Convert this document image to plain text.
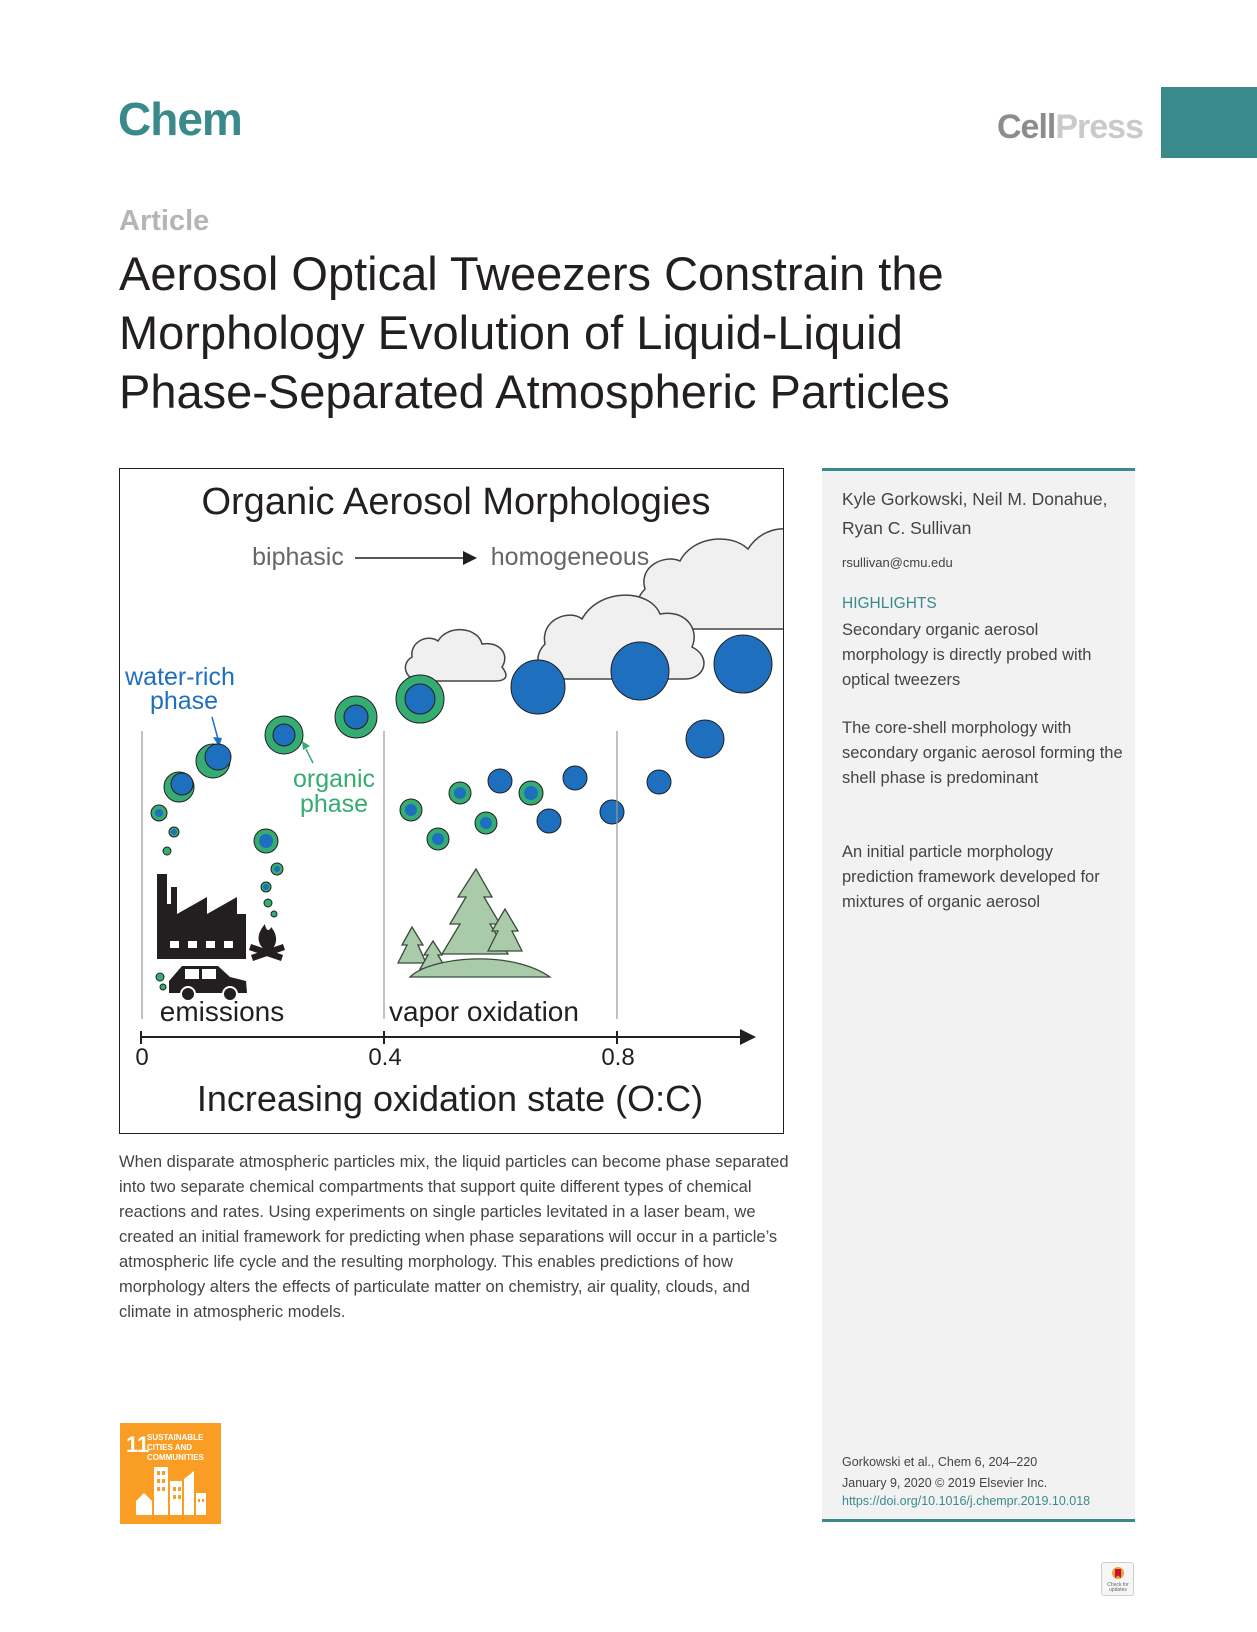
Chem	CellPress
Article
Aerosol Optical Tweezers Constrain the Morphology Evolution of Liquid-Liquid Phase-Separated Atmospheric Particles
Organic Aerosol Morphologies
biphasic	homogeneous
water-rich
phase
organic
phase
emissions	vapor oxidation
0	0.4	0.8
Increasing oxidation state (O:C)

When disparate atmospheric particles mix, the liquid particles can become phase separated into two separate chemical compartments that support quite different types of chemical reactions and rates. Using experiments on single particles levitated in a laser beam, we created an initial framework for predicting when phase separations will occur in a particle’s atmospheric life cycle and the resulting morphology. This enables predictions of how morphology alters the effects of particulate matter on chemistry, air quality, clouds, and climate in atmospheric models.

11
SUSTAINABLE CITIES AND COMMUNITIES
Kyle Gorkowski, Neil M. Donahue, Ryan C. Sullivan
rsullivan@cmu.edu
HIGHLIGHTS
Secondary organic aerosol morphology is directly probed with optical tweezers
The core-shell morphology with secondary organic aerosol forming the shell phase is predominant
An initial particle morphology prediction framework developed for mixtures of organic aerosol
Gorkowski et al., Chem 6, 204–220
January 9, 2020 © 2019 Elsevier Inc.
https://doi.org/10.1016/j.chempr.2019.10.018
Check for updates
